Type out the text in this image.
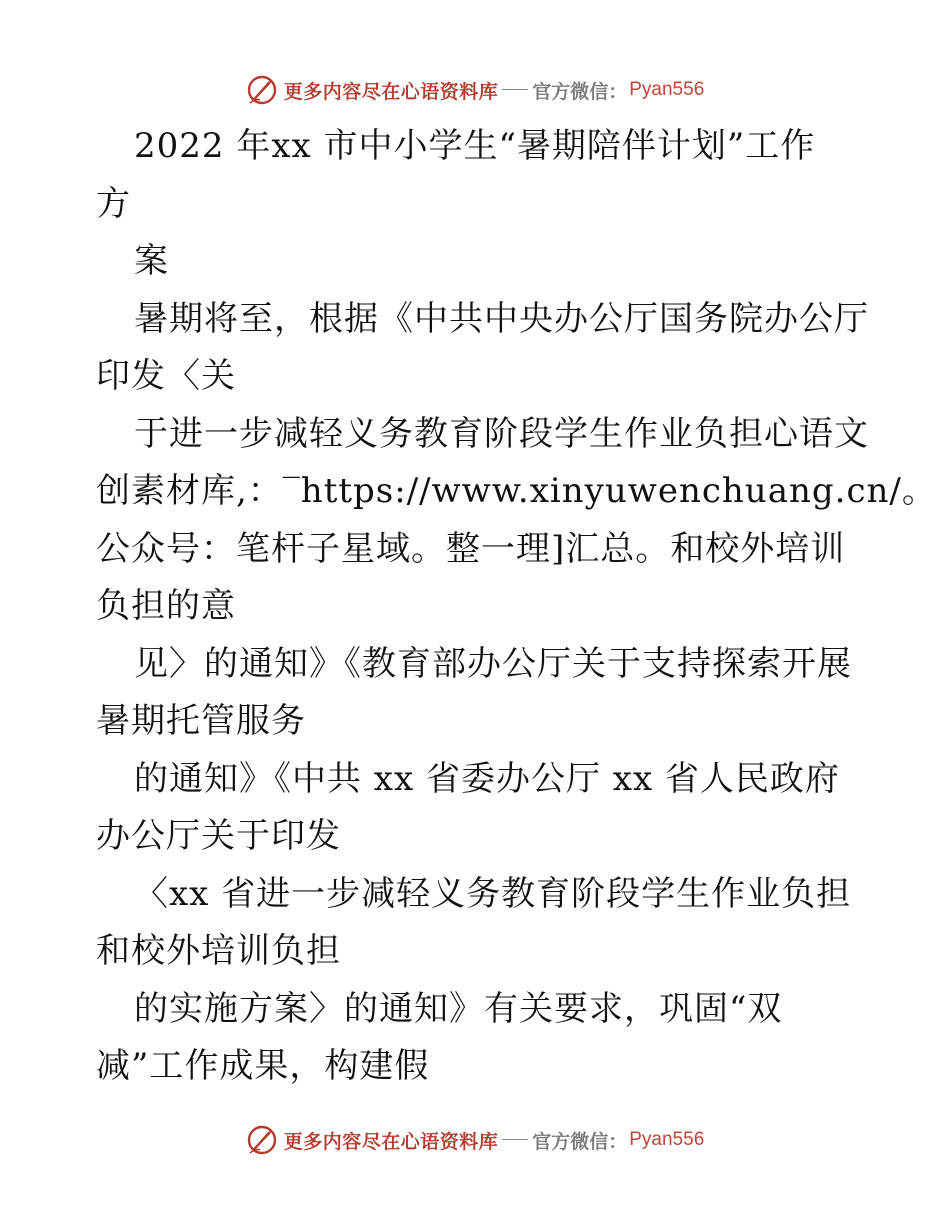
更多内容尽在心语资料库 官方微信： Pyan556
2022 年xx 市中小学生“暑期陪伴计划”工作
方
案
暑期将至，根据《中共中央办公厅国务院办公厅
印发〈关
于进一步减轻义务教育阶段学生作业负担心语文
创素材库,：‾https://www.xinyuwenchuang.cn/。
公众号：笔杆子星域。整一理]汇总。和校外培训
负担的意
见〉的通知》《教育部办公厅关于支持探索开展
暑期托管服务
的通知》《中共 xx 省委办公厅 xx 省人民政府
办公厅关于印发
〈xx 省进一步减轻义务教育阶段学生作业负担
和校外培训负担
的实施方案〉的通知》有关要求，巩固“双
减”工作成果，构建假
更多内容尽在心语资料库 官方微信： Pyan556
